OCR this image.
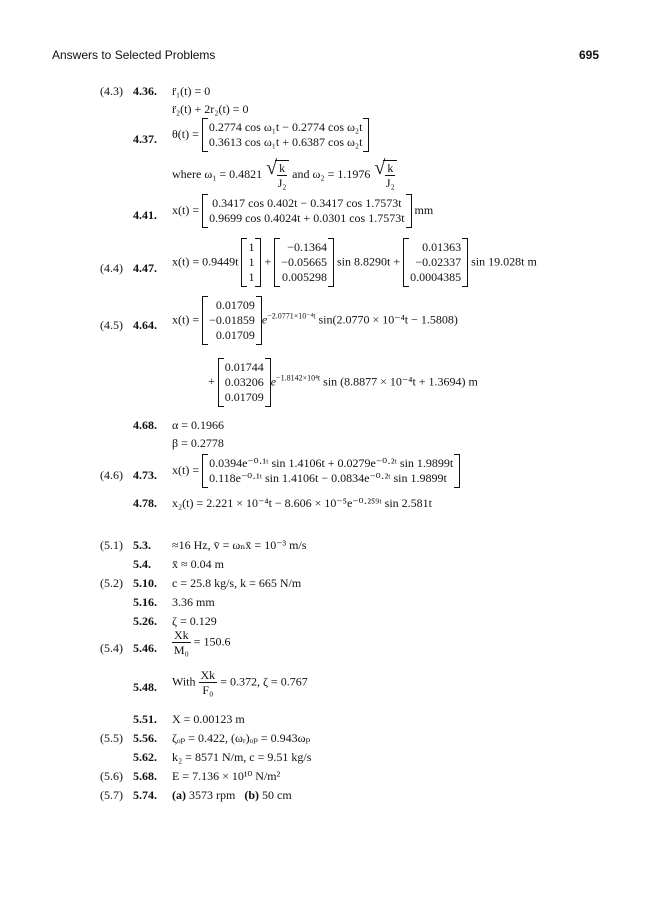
Answers to Selected Problems	695
(4.3) 4.36. r̈₁(t) = 0
r̈₂(t) + 2r₂(t) = 0
4.37. θ(t) = 0.2774 cos ω₁t − 0.2774 cos ω₂t
0.3613 cos ω₁t + 0.6387 cos ω₂t
where ω₁ = 0.4821 √ $\frac{k}{\text{J₂}}$ and ω₂ = 1.1976 √ $\frac{k}{\text{J₂}}$
4.41. x(t) = 0.3417 cos 0.402t − 0.3417 cos 1.7573t
0.9699 cos 0.4024t + 0.0301 cos 1.7573t
mm
(4.4) 4.47. x(t) = 0.9449t
1
1
1
+
−0.1364
−0.05665
0.005298
sin 8.8290t +
0.01363
−0.02337
0.0004385
sin 19.028t m
(4.5) 4.64. x(t) =
0.01709
−0.01859
0.01709
$e^{-2.0771\times 10^{-4}t}$ sin(2.0770 × 10⁻⁴t − 1.5808)
+
0.01744
0.03206
0.01709
$e^{-1.8142\times 10^4t}$ sin (8.8877 × 10⁻⁴t + 1.3694) m
4.68. α = 0.1966
β = 0.2778
(4.6) 4.73. x(t) = 0.0394e⁻⁰·¹ᵗ sin 1.4106t + 0.0279e⁻⁰·²ᵗ sin 1.9899t
0.118e⁻⁰·¹ᵗ sin 1.4106t − 0.0834e⁻⁰·²ᵗ sin 1.9899t
4.78. x₂(t) = 2.221 × 10⁻⁴t − 8.606 × 10⁻⁵e⁻⁰·²⁵⁹ᵗ sin 2.581t
(5.1) 5.3. ≈16 Hz, v̄ = ωₙx̄ = 10⁻³ m/s
5.4. x̄ ≈ 0.04 m
(5.2) 5.10. c = 25.8 kg/s, k = 665 N/m
5.16. 3.36 mm
5.26. ζ = 0.129
(5.4) 5.46. $\frac{Xk}{\text{M₀}} = 150.6$
5.48. With $\frac{Xk}{\text{F₀}} = 0.372$, ζ = 0.767
5.51. X = 0.00123 m
(5.5) 5.56. ζₒₚ = 0.422, (ωᵣ)ₒₚ = 0.943ωₚ
5.62. k₂ = 8571 N/m, c = 9.51 kg/s
(5.6) 5.68. E = 7.136 × 10¹⁰ N/m²
(5.7) 5.74. (a) 3573 rpm (b) 50 cm
